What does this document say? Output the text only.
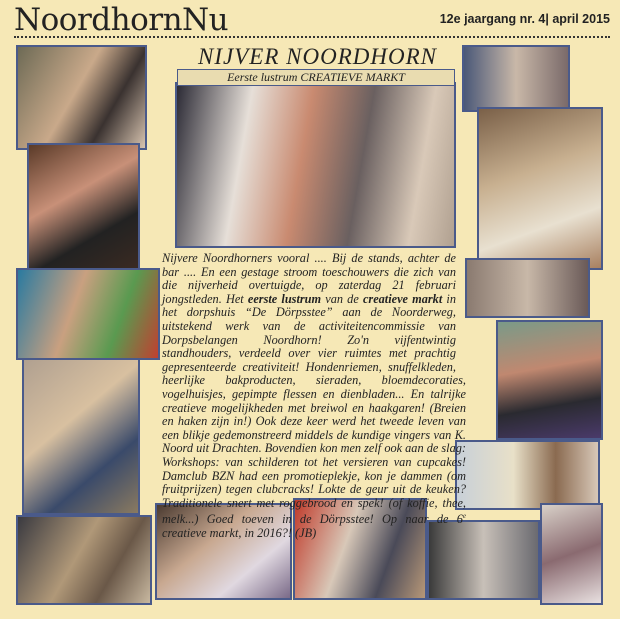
NoordhornNu	12e jaargang nr. 4| april 2015
NIJVER NOORDHORN
Eerste lustrum CREATIEVE MARKT
Nijvere Noordhorners vooral .... Bij de stands, achter de bar .... En een gestage stroom toeschouwers die zich van die nijverheid overtuigde, op zaterdag 21 februari jongstleden. Het eerste lustrum van de creatieve markt in het dorpshuis “De Dörpsstee” aan de Noorderweg, uitstekend werk van de activiteitencommissie van Dorpsbelangen Noordhorn! Zo'n vijfentwintig standhouders, verdeeld over vier ruimtes met prachtig gepresenteerde creativiteit! Hondenriemen, snuffelkleden, heerlijke bakproducten, sieraden, bloemdecoraties, vogelhuisjes, gepimpte flessen en dienbladen... En talrijke creatieve mogelijkheden met breiwol en haakgaren! (Breien en haken zijn in!) Ook deze keer werd het tweede leven van een blikje gedemonstreerd middels de kundige vingers van K. Noord uit Drachten. Bovendien kon men zelf ook aan de slag: Workshops: van schilderen tot het versieren van cupcakes! Damclub BZN had een promotieplekje, kon je dammen (om fruitprijzen) tegen clubcracks! Lokte de geur uit de keuken? Traditionele snert met roggebrood en spek! (of koffie, thee, melk...) Goed toeven in de Dörpsstee! Op naar de 6e creatieve markt, in 2016?! (JB)
